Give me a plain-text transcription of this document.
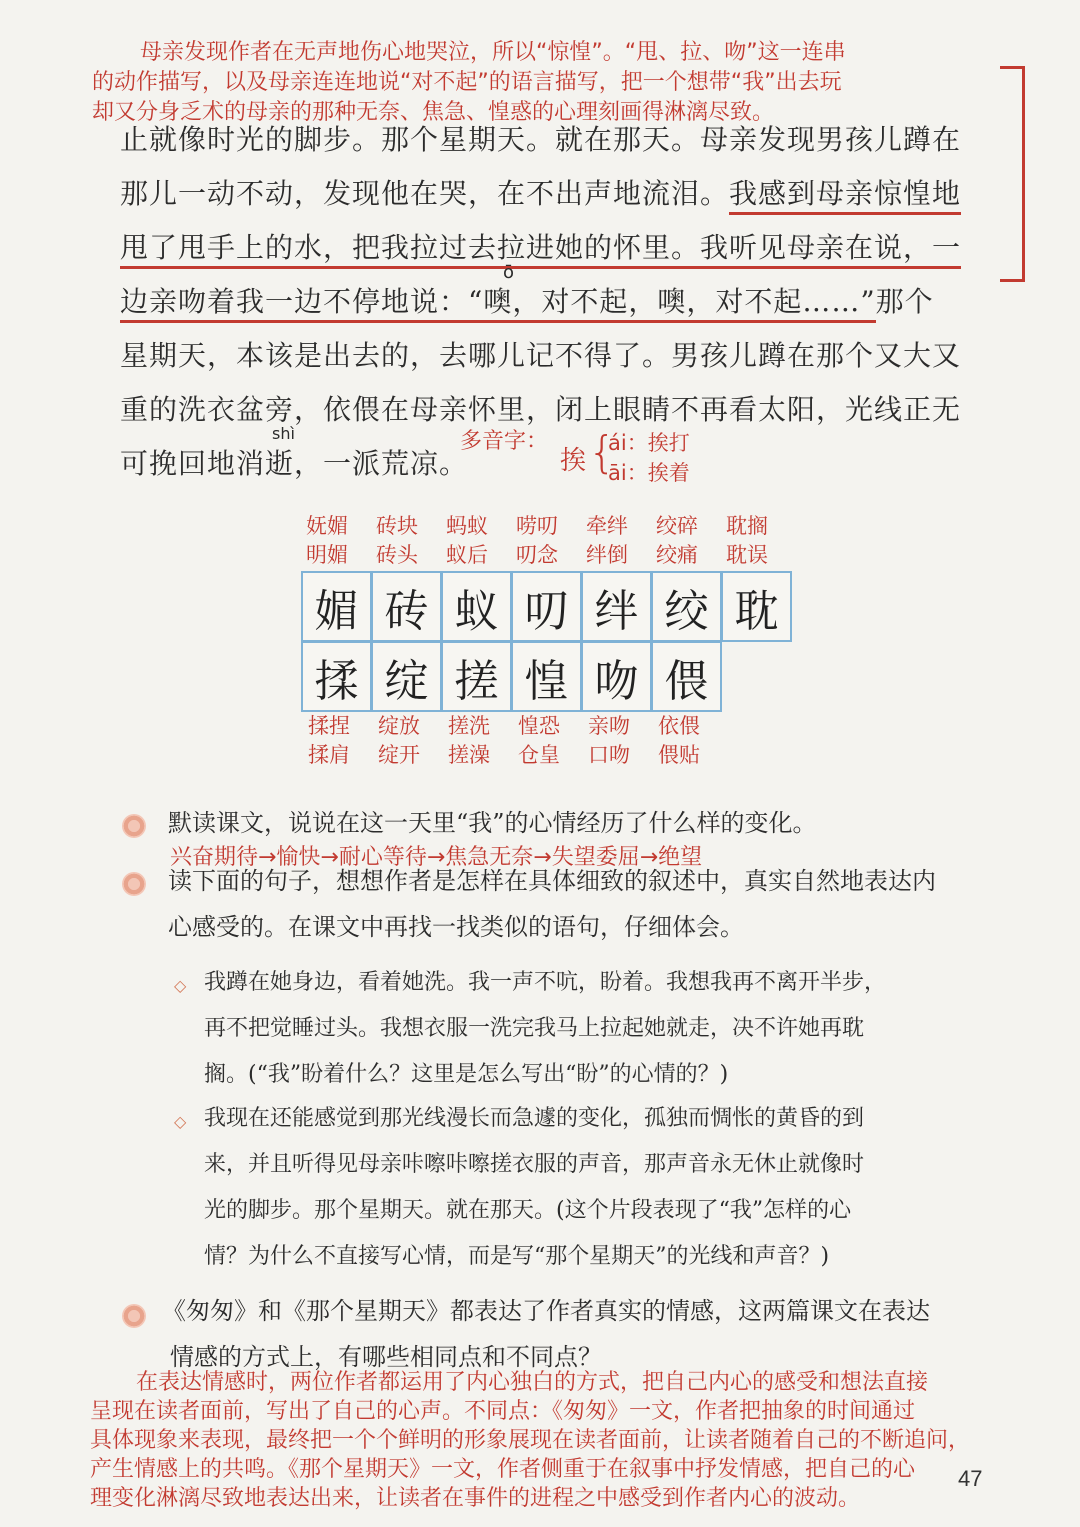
母亲发现作者在无声地伤心地哭泣，所以“惊惶”。“甩、拉、吻”这一连串
的动作描写，以及母亲连连地说“对不起”的语言描写，把一个想带“我”出去玩
却又分身乏术的母亲的那种无奈、焦急、惶惑的心理刻画得淋漓尽致。
止就像时光的脚步。那个星期天。就在那天。母亲发现男孩儿蹲在
那儿一动不动，发现他在哭，在不出声地流泪。我感到母亲惊惶地
甩了甩手上的水，把我拉过去拉进她的怀里。我听见母亲在说，一
ō
边亲吻着我一边不停地说：“噢，对不起，噢，对不起……”那个
星期天，本该是出去的，去哪儿记不得了。男孩儿蹲在那个又大又
重的洗衣盆旁，依偎在母亲怀里，闭上眼睛不再看太阳，光线正无
shì
可挽回地消逝，一派荒凉。
多音字：
挨 {
ái：挨打
āi：挨着
妩媚
明媚
砖块
砖头
蚂蚁
蚁后
唠叨
叨念
牵绊
绊倒
绞碎
绞痛
耽搁
耽误
媚 砖 蚁 叨 绊 绞 耽
揉 绽 搓 惶 吻 偎
揉捏
揉肩
绽放
绽开
搓洗
搓澡
惶恐
仓皇
亲吻
口吻
依偎
偎贴
默读课文，说说在这一天里“我”的心情经历了什么样的变化。
兴奋期待→愉快→耐心等待→焦急无奈→失望委屈→绝望
读下面的句子，想想作者是怎样在具体细致的叙述中，真实自然地表达内
心感受的。在课文中再找一找类似的语句，仔细体会。
◇ 我蹲在她身边，看着她洗。我一声不吭，盼着。我想我再不离开半步，
再不把觉睡过头。我想衣服一洗完我马上拉起她就走，决不许她再耽
搁。(“我”盼着什么？这里是怎么写出“盼”的心情的？)
◇ 我现在还能感觉到那光线漫长而急遽的变化，孤独而惆怅的黄昏的到
来，并且听得见母亲咔嚓咔嚓搓衣服的声音，那声音永无休止就像时
光的脚步。那个星期天。就在那天。(这个片段表现了“我”怎样的心
情？为什么不直接写心情，而是写“那个星期天”的光线和声音？)
《匆匆》和《那个星期天》都表达了作者真实的情感，这两篇课文在表达
情感的方式上，有哪些相同点和不同点？
在表达情感时，两位作者都运用了内心独白的方式，把自己内心的感受和想法直接
呈现在读者面前，写出了自己的心声。不同点：《匆匆》一文，作者把抽象的时间通过
具体现象来表现，最终把一个个鲜明的形象展现在读者面前，让读者随着自己的不断追问，
产生情感上的共鸣。《那个星期天》一文，作者侧重于在叙事中抒发情感，把自己的心
理变化淋漓尽致地表达出来，让读者在事件的进程之中感受到作者内心的波动。
47
